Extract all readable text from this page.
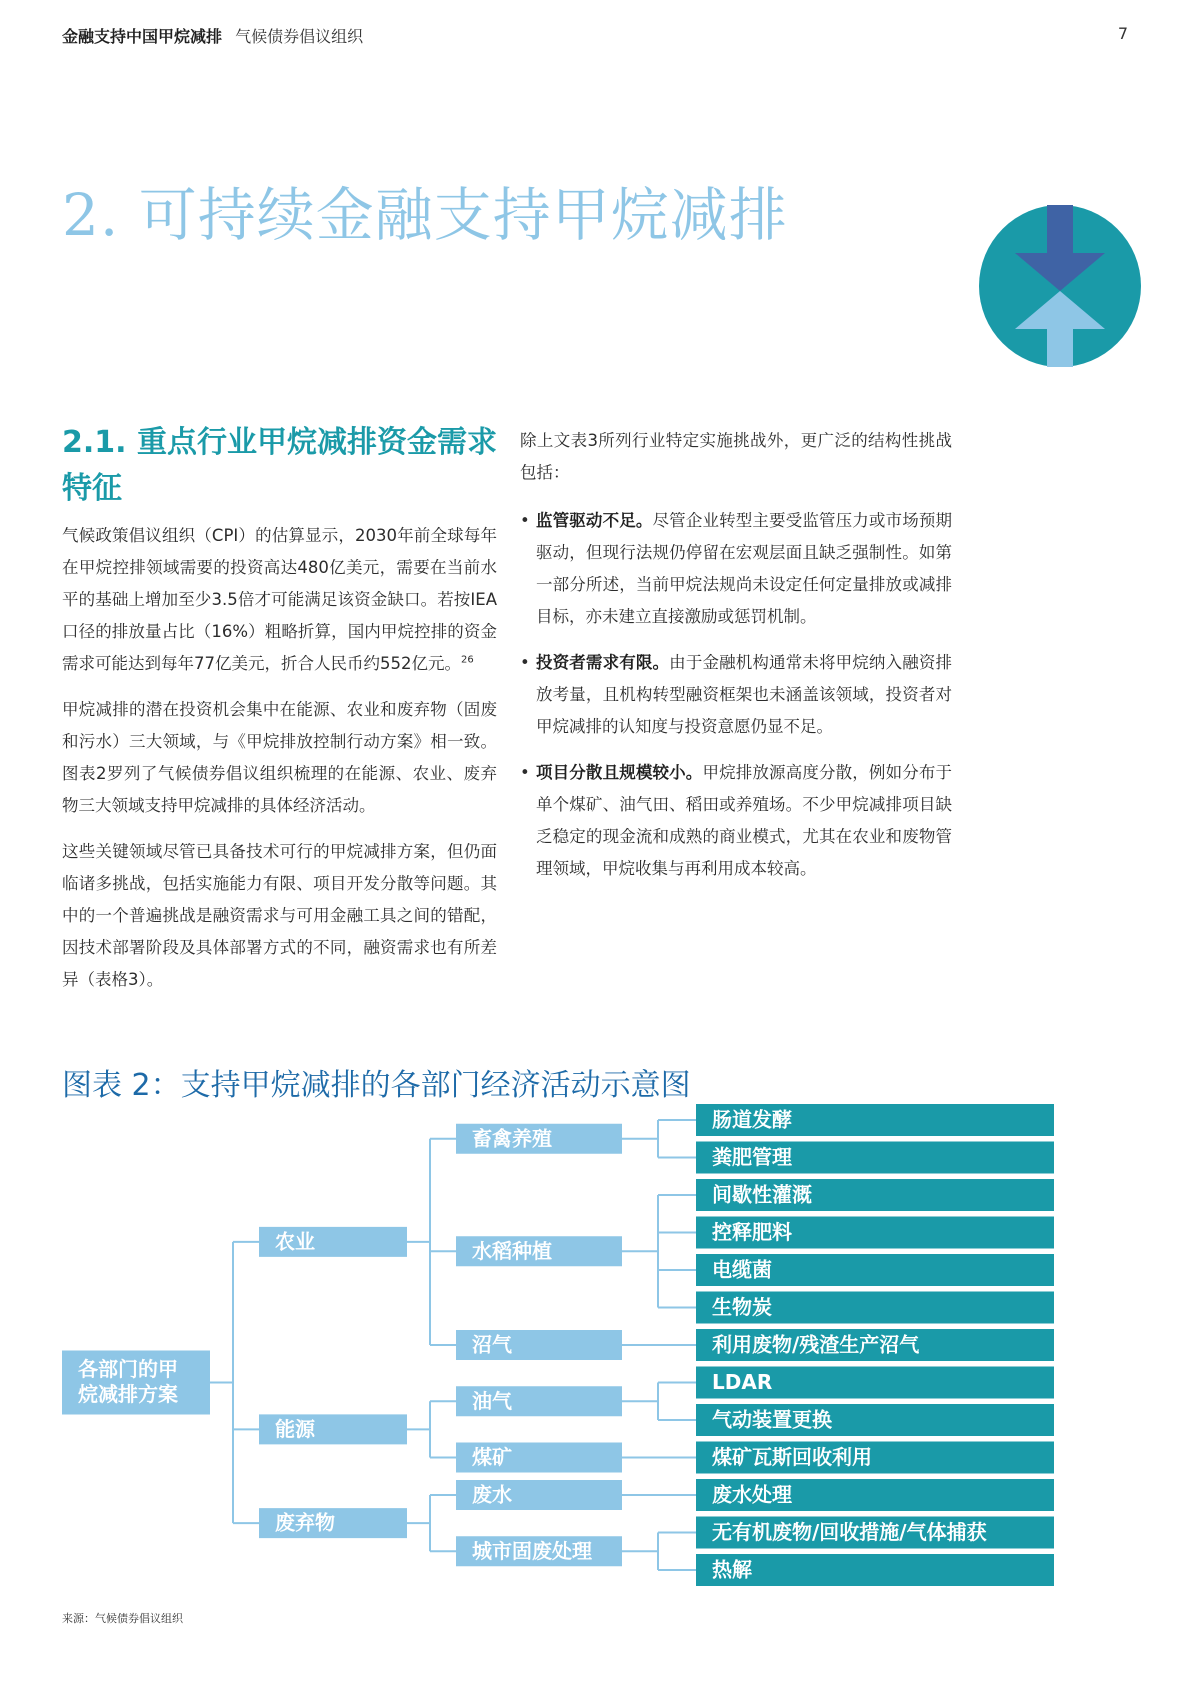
金融支持中国甲烷减排 气候债券倡议组织	7
2. 可持续金融支持甲烷减排
2.1. 重点行业甲烷减排资金需求特征

气候政策倡议组织（CPI）的估算显示，2030年前全球每年在甲烷控排领域需要的投资高达480亿美元，需要在当前水平的基础上增加至少3.5倍才可能满足该资金缺口。若按IEA口径的排放量占比（16%）粗略折算，国内甲烷控排的资金需求可能达到每年77亿美元，折合人民币约552亿元。$^{26}$

甲烷减排的潜在投资机会集中在能源、农业和废弃物（固废和污水）三大领域，与《甲烷排放控制行动方案》相一致。图表2罗列了气候债券倡议组织梳理的在能源、农业、废弃物三大领域支持甲烷减排的具体经济活动。

这些关键领域尽管已具备技术可行的甲烷减排方案，但仍面临诸多挑战，包括实施能力有限、项目开发分散等问题。其中的一个普遍挑战是融资需求与可用金融工具之间的错配，因技术部署阶段及具体部署方式的不同，融资需求也有所差异（表格3）。

除上文表3所列行业特定实施挑战外，更广泛的结构性挑战包括：

• 监管驱动不足。尽管企业转型主要受监管压力或市场预期驱动，但现行法规仍停留在宏观层面且缺乏强制性。如第一部分所述，当前甲烷法规尚未设定任何定量排放或减排目标，亦未建立直接激励或惩罚机制。
• 投资者需求有限。由于金融机构通常未将甲烷纳入融资排放考量，且机构转型融资框架也未涵盖该领域，投资者对甲烷减排的认知度与投资意愿仍显不足。
• 项目分散且规模较小。甲烷排放源高度分散，例如分布于单个煤矿、油气田、稻田或养殖场。不少甲烷减排项目缺乏稳定的现金流和成熟的商业模式，尤其在农业和废物管理领域，甲烷收集与再利用成本较高。
图表 2：支持甲烷减排的各部门经济活动示意图
各部门的甲
烷减排方案
农业
畜禽养殖
肠道发酵
粪肥管理
水稻种植
间歇性灌溉
控释肥料
电缆菌
生物炭
沼气	利用废物/残渣生产沼气
能源
油气
LDAR
气动装置更换
煤矿	煤矿瓦斯回收利用
废弃物
废水	废水处理
城市固废处理
无有机废物/回收措施/气体捕获
热解
来源：气候债券倡议组织
